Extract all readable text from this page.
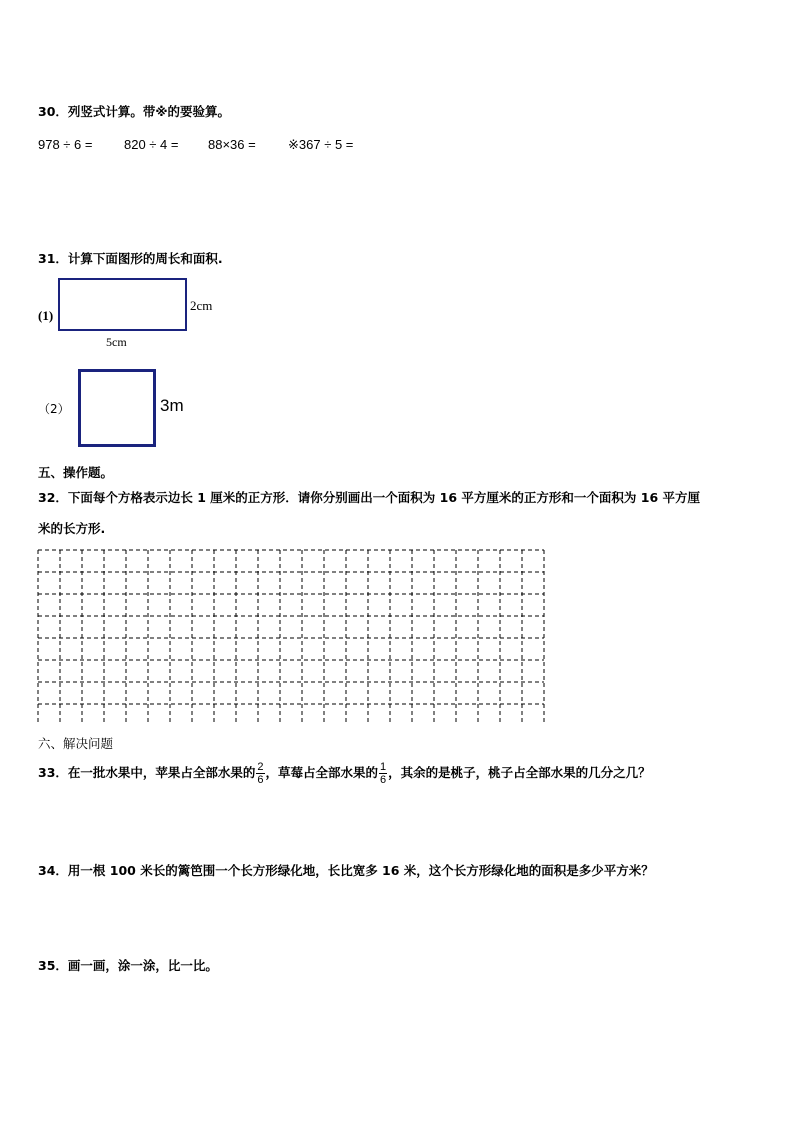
30．列竖式计算。带※的要验算。
978 ÷ 6 = 820 ÷ 4 = 88×36 = ※367 ÷ 5 =
31．计算下面图形的周长和面积.
(1)
2cm
5cm
（2）	3m
五、操作题。
32．下面每个方格表示边长 1 厘米的正方形．请你分别画出一个面积为 16 平方厘米的正方形和一个面积为 16 平方厘
米的长方形.
六、解决问题
33．在一批水果中，苹果占全部水果的 $\frac{2}{6}$ ，草莓占全部水果的 $\frac{1}{6}$ ，其余的是桃子，桃子占全部水果的几分之几？
34．用一根 100 米长的篱笆围一个长方形绿化地，长比宽多 16 米，这个长方形绿化地的面积是多少平方米？
35．画一画，涂一涂，比一比。
